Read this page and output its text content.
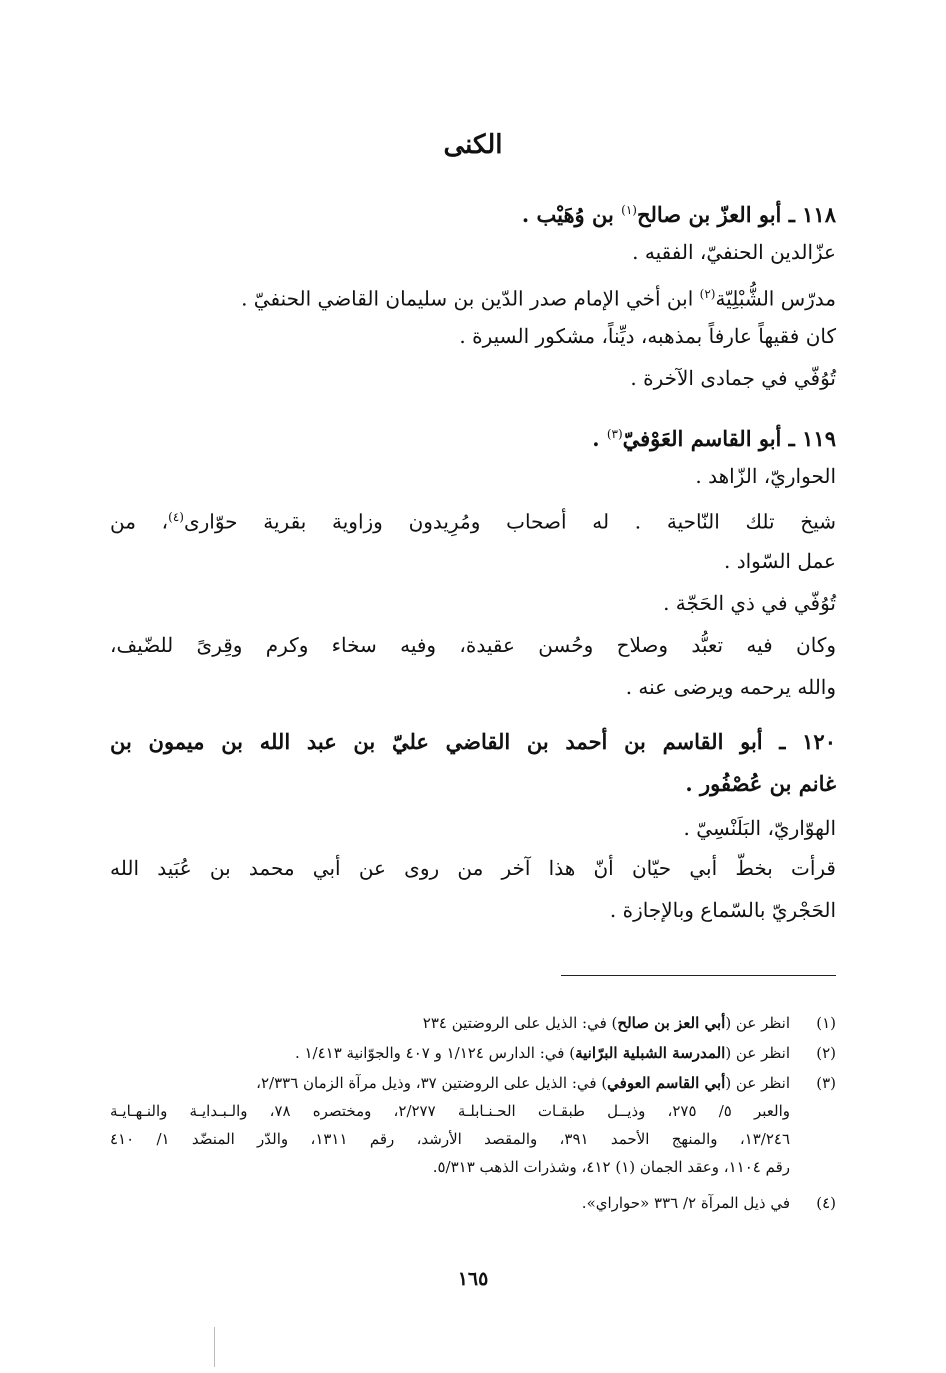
الكنى
١١٨ ـ أبو العزّ بن صالح$^{(١)}$ بن وُهَيْب .
عزّالدين الحنفيّ، الفقيه .
مدرّس الشُّبْلِيّة$^{(٢)}$ ابن أخي الإمام صدر الدّين بن سليمان القاضي الحنفيّ .
كان فقيهاً عارفاً بمذهبه، ديِّناً، مشكور السيرة .
تُوُفّي في جمادى الآخرة .
١١٩ ـ أبو القاسم العَوْفيّ$^{(٣)}$ .
الحواريّ، الزّاهد .
شيخ تلك النّاحية . له أصحاب ومُرِيدون وزاوية بقرية حوّارى$^{(٤)}$، من
عمل السّواد .
تُوُفّي في ذي الحَجّة .
وكان فيه تعبُّد وصلاح وحُسن عقيدة، وفيه سخاء وكرم وقِرىً للضّيف،
والله يرحمه ويرضى عنه .
١٢٠ ـ أبو القاسم بن أحمد بن القاضي عليّ بن عبد الله بن ميمون بن
غانم بن عُصْفُور .
الهوّاريّ، البَلَنْسِيّ .
قرأت بخطّ أبي حيّان أنّ هذا آخر من روى عن أبي محمد بن عُبَيد الله
الحَجْريّ بالسّماع وبالإجازة .
(١)
انظر عن (أبي العز بن صالح) في: الذيل على الروضتين ٢٣٤
(٢)
انظر عن (المدرسة الشبلية البرّانية) في: الدارس ١/١٢٤ و ٤٠٧ والجوّانية ١/٤١٣ .
(٣)
انظر عن (أبي القاسم العوفي) في: الذيل على الروضتين ٣٧، وذيل مرآة الزمان ٢/٣٣٦،
والعبر ٥/ ٢٧٥، وذيــل طبقـات الحـنـابلـة ٢/٢٧٧، ومختصره ٧٨، والـبـدايـة والنـهـايـة
١٣/٢٤٦، والمنهج الأحمد ٣٩١، والمقصد الأرشد، رقم ١٣١١، والدّر المنضّد ١/ ٤١٠
رقم ١١٠٤، وعقد الجمان (١) ٤١٢، وشذرات الذهب ٥/٣١٣.
(٤)
في ذيل المرآة ٢/ ٣٣٦ «حواراي».
١٦٥
